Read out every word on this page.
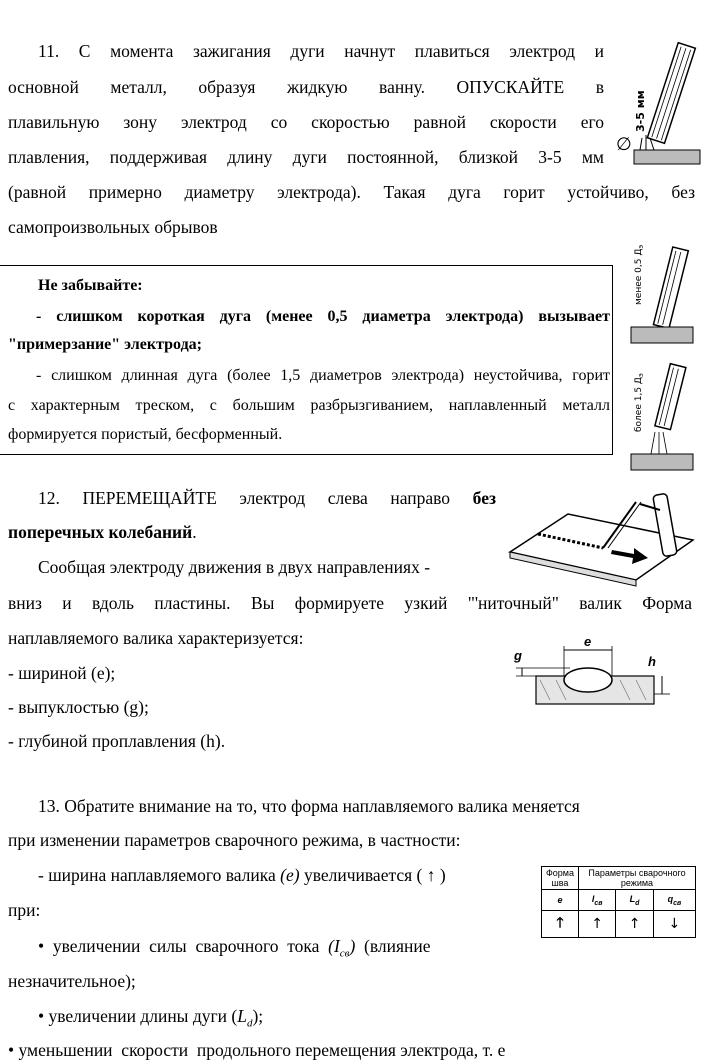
11. С момента зажигания дуги начнут плавиться электрод и
основной металл, образуя жидкую ванну. ОПУСКАЙТЕ в
плавильную зону электрод со скоростью равной скорости его
плавления, поддерживая длину дуги постоянной, близкой 3-5 мм
(равной примерно диаметру электрода). Такая дуга горит устойчиво, без
самопроизвольных обрывов
3-5 мм
∅
Не забывайте:
- слишком короткая дуга (менее 0,5 диаметра электрода) вызывает
"примерзание" электрода;
- слишком длинная дуга (более 1,5 диаметров электрода) неустойчива, горит
с характерным треском, с большим разбрызгиванием, наплавленный металл
формируется пористый, бесформенный.
менее 0,5 $Д_э$
более 1,5 $Д_э$
12. ПЕРЕМЕЩАЙТЕ электрод слева направо без
поперечных колебаний.
Сообщая электроду движения в двух направлениях -
вниз и вдоль пластины. Вы формируете узкий "'ниточный" валик Форма
наплавляемого валика характеризуется:
- шириной (e);
- выпуклостью (g);
- глубиной проплавления (h).
e
g	h
13. Обратите внимание на то, что форма наплавляемого валика меняется
при изменении параметров сварочного режима, в частности:
- ширина наплавляемого валика (e) увеличивается ( ↑ )
при:
•  увеличении  силы  сварочного  тока  $(I_{св})$  (влияние
незначительное);
• увеличении длины дуги $(L_d)$;
• уменьшении  скорости  продольного перемещения электрода, т. е
Форма шва	Параметры сварочного режима		
e	$I_{св}$	$L_d$	$q_{св}$
🡑	↑	↑	↓
